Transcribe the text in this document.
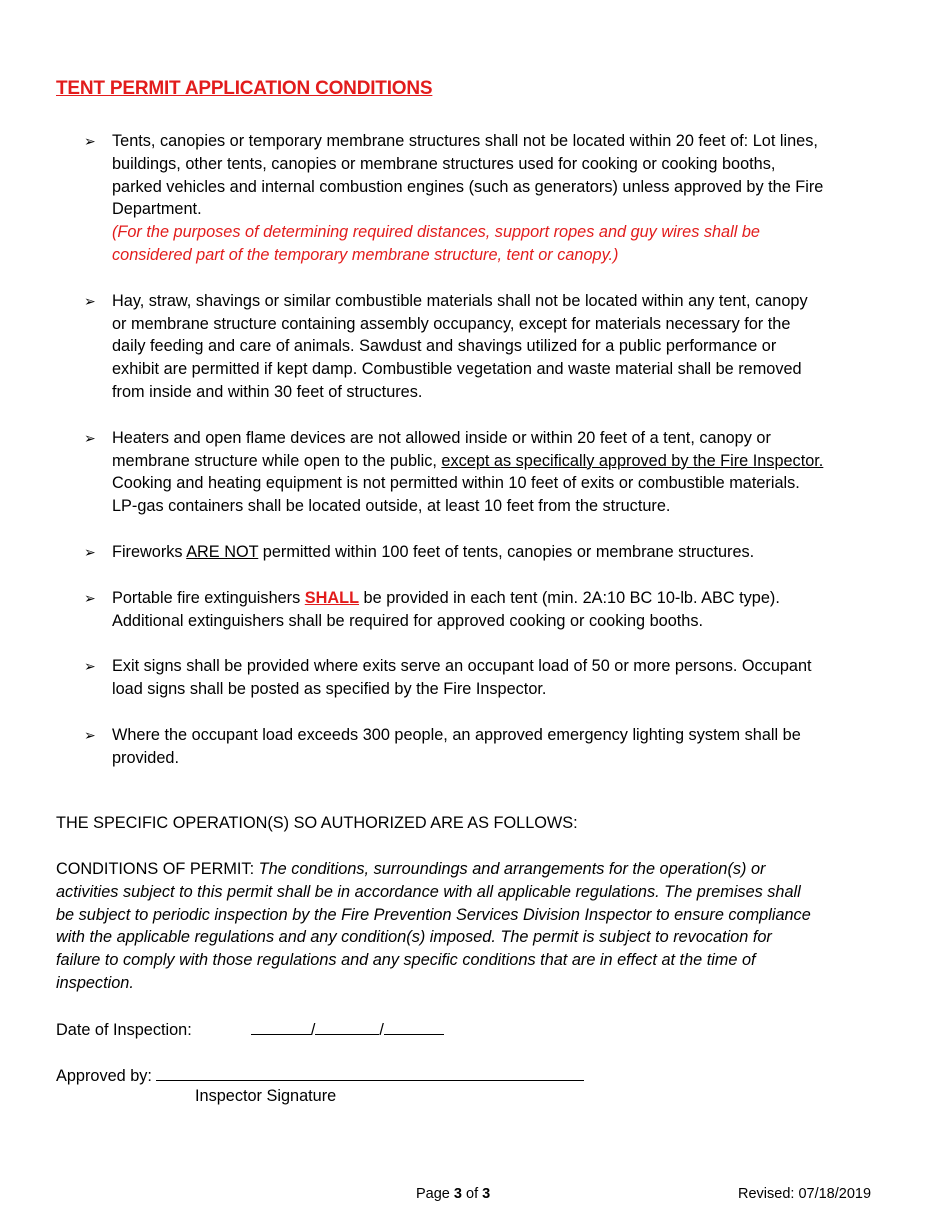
TENT PERMIT APPLICATION CONDITIONS
➢ Tents, canopies or temporary membrane structures shall not be located within 20 feet of: Lot lines, buildings, other tents, canopies or membrane structures used for cooking or cooking booths, parked vehicles and internal combustion engines (such as generators) unless approved by the Fire Department.
(For the purposes of determining required distances, support ropes and guy wires shall be considered part of the temporary membrane structure, tent or canopy.)
➢ Hay, straw, shavings or similar combustible materials shall not be located within any tent, canopy or membrane structure containing assembly occupancy, except for materials necessary for the daily feeding and care of animals. Sawdust and shavings utilized for a public performance or exhibit are permitted if kept damp. Combustible vegetation and waste material shall be removed from inside and within 30 feet of structures.
➢ Heaters and open flame devices are not allowed inside or within 20 feet of a tent, canopy or membrane structure while open to the public, except as specifically approved by the Fire Inspector. Cooking and heating equipment is not permitted within 10 feet of exits or combustible materials. LP-gas containers shall be located outside, at least 10 feet from the structure.
➢ Fireworks ARE NOT permitted within 100 feet of tents, canopies or membrane structures.
➢ Portable fire extinguishers SHALL be provided in each tent (min. 2A:10 BC 10-lb. ABC type). Additional extinguishers shall be required for approved cooking or cooking booths.
➢ Exit signs shall be provided where exits serve an occupant load of 50 or more persons. Occupant load signs shall be posted as specified by the Fire Inspector.
➢ Where the occupant load exceeds 300 people, an approved emergency lighting system shall be provided.
THE SPECIFIC OPERATION(S) SO AUTHORIZED ARE AS FOLLOWS:
CONDITIONS OF PERMIT: The conditions, surroundings and arrangements for the operation(s) or activities subject to this permit shall be in accordance with all applicable regulations. The premises shall be subject to periodic inspection by the Fire Prevention Services Division Inspector to ensure compliance with the applicable regulations and any condition(s) imposed. The permit is subject to revocation for failure to comply with those regulations and any specific conditions that are in effect at the time of inspection.
Date of Inspection:	/	/
Approved by:
Inspector Signature
Page 3 of 3	Revised: 07/18/2019
